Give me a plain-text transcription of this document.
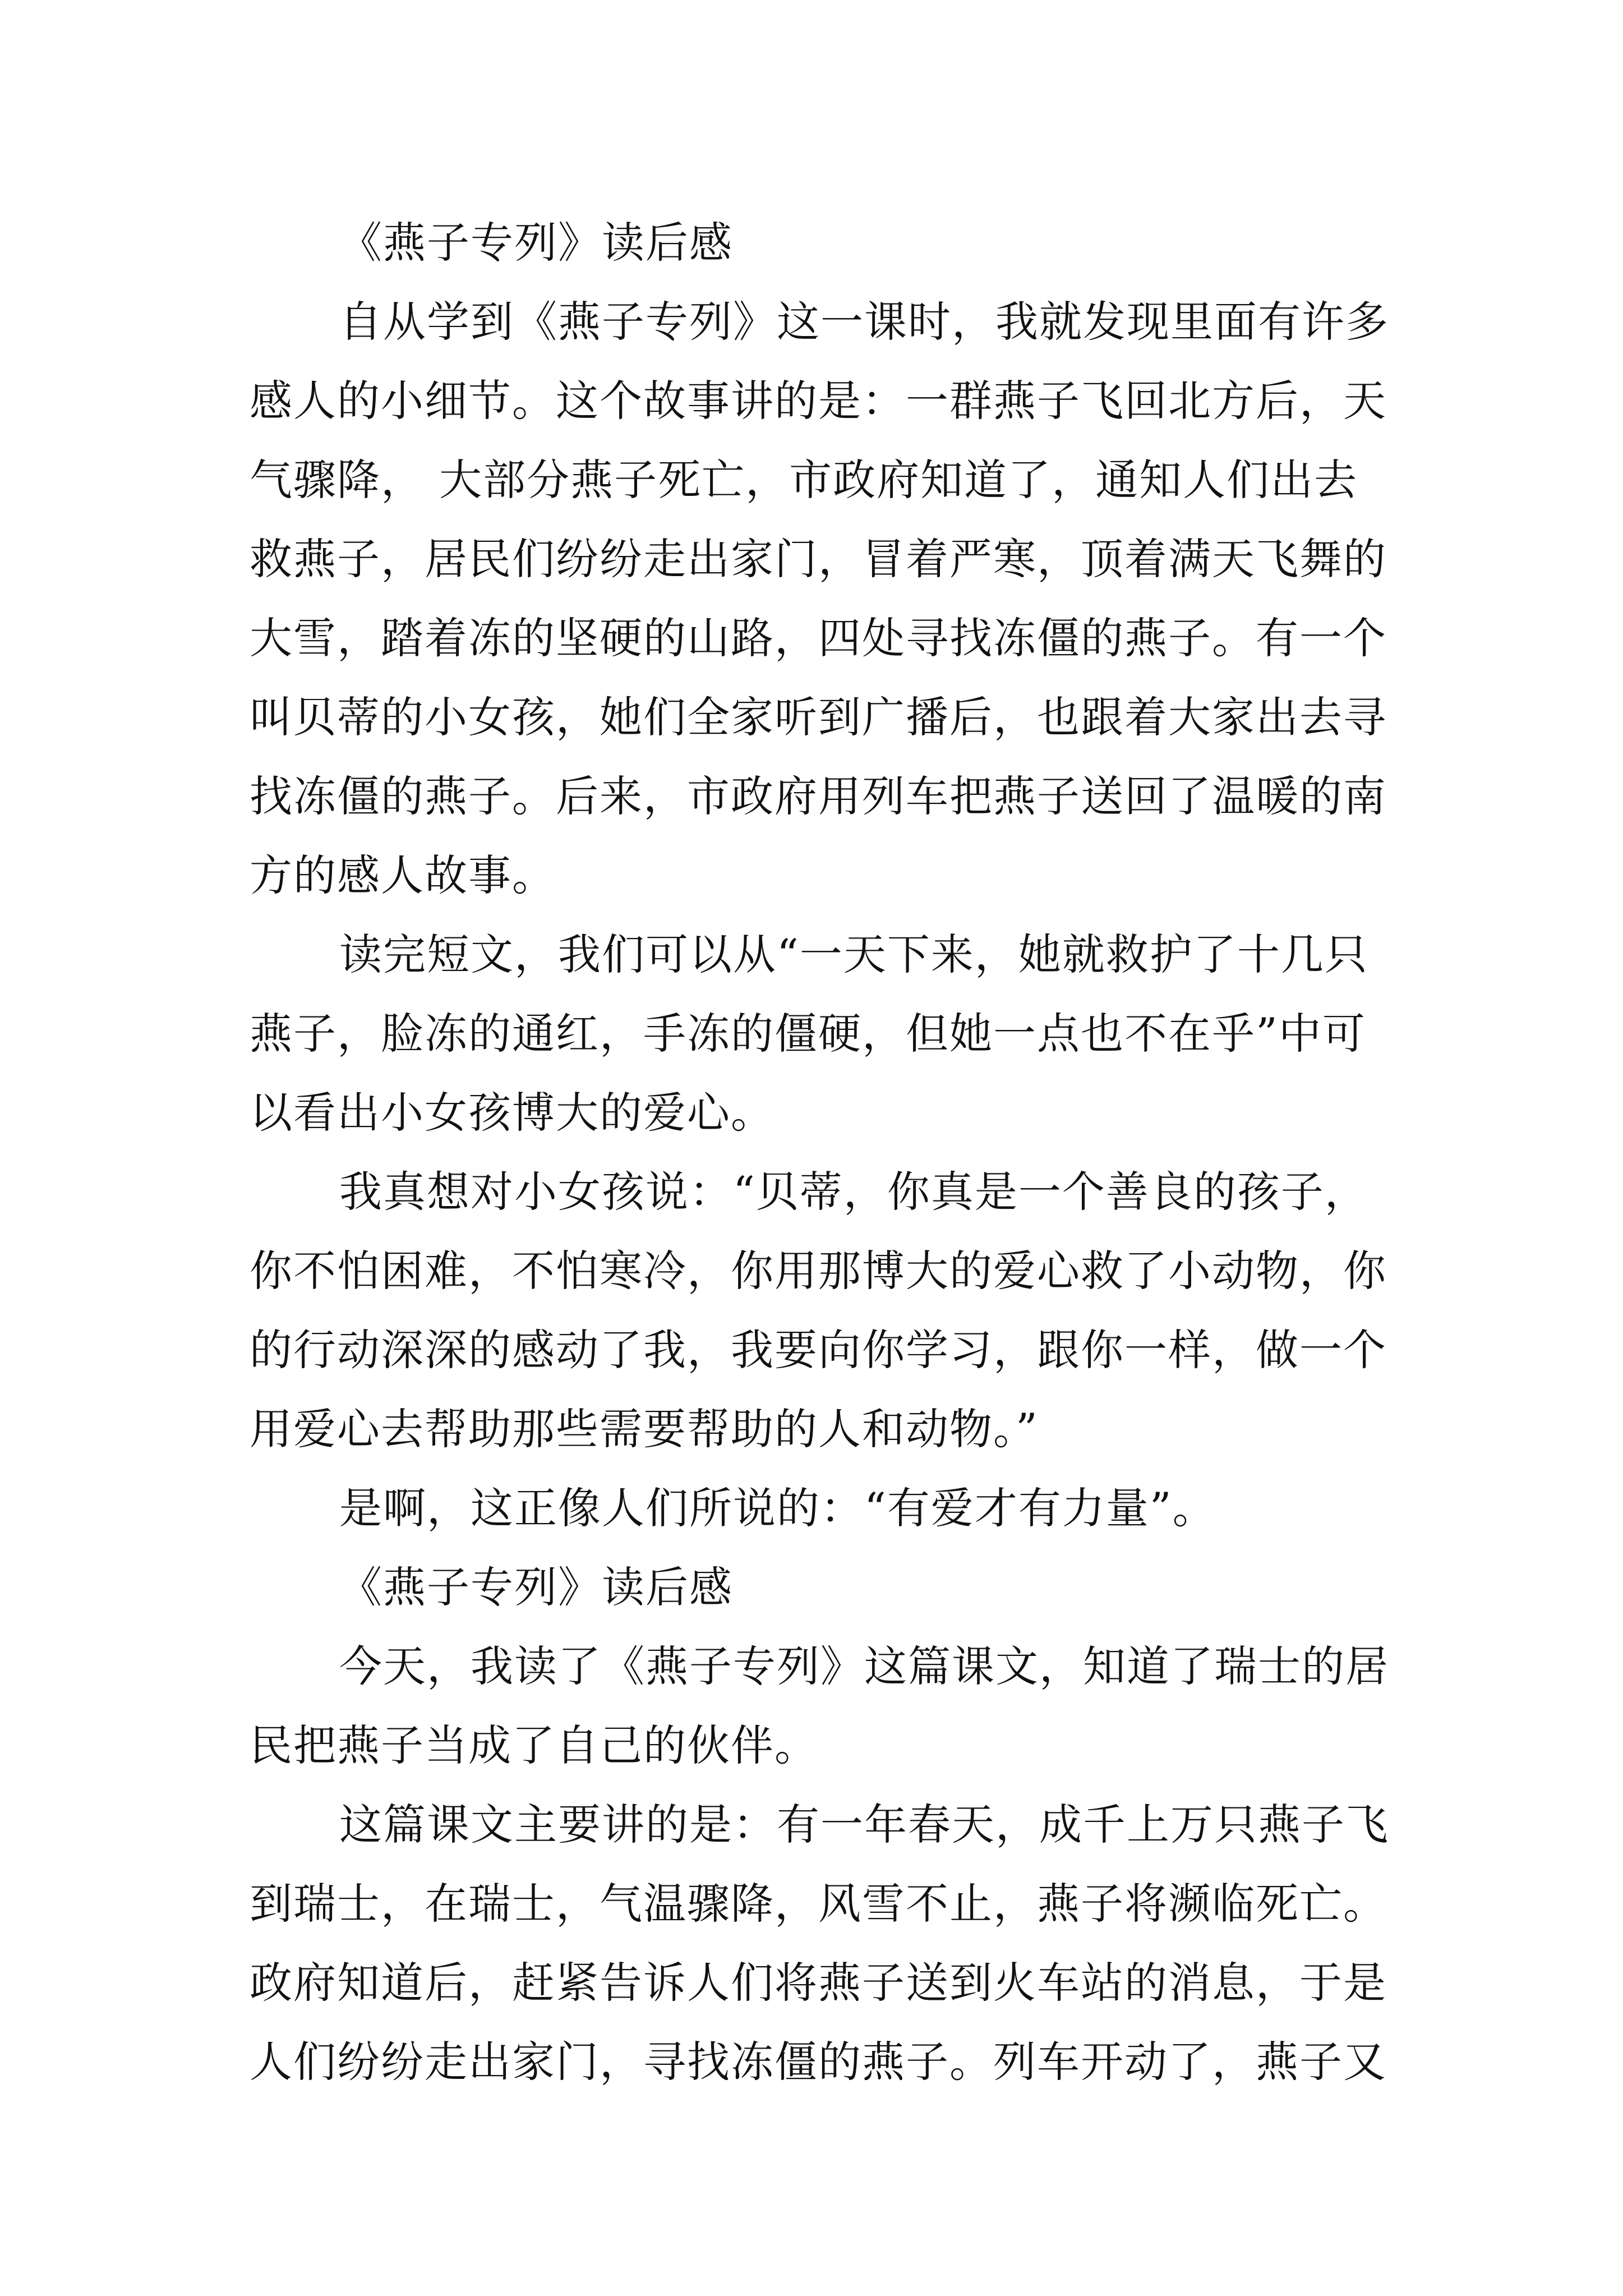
《燕子专列》读后感
自从学到《燕子专列》这一课时，我就发现里面有许多
感人的小细节。这个故事讲的是：一群燕子飞回北方后，天
气骤降， 大部分燕子死亡，市政府知道了，通知人们出去
救燕子，居民们纷纷走出家门，冒着严寒，顶着满天飞舞的
大雪，踏着冻的坚硬的山路，四处寻找冻僵的燕子。有一个
叫贝蒂的小女孩，她们全家听到广播后，也跟着大家出去寻
找冻僵的燕子。后来，市政府用列车把燕子送回了温暖的南
方的感人故事。
读完短文，我们可以从“一天下来，她就救护了十几只
燕子，脸冻的通红，手冻的僵硬，但她一点也不在乎”中可
以看出小女孩博大的爱心。
我真想对小女孩说：“贝蒂，你真是一个善良的孩子，
你不怕困难，不怕寒冷，你用那博大的爱心救了小动物，你
的行动深深的感动了我，我要向你学习，跟你一样，做一个
用爱心去帮助那些需要帮助的人和动物。”
是啊，这正像人们所说的：“有爱才有力量”。
《燕子专列》读后感
今天，我读了《燕子专列》这篇课文，知道了瑞士的居
民把燕子当成了自己的伙伴。
这篇课文主要讲的是：有一年春天，成千上万只燕子飞
到瑞士，在瑞士，气温骤降，风雪不止，燕子将濒临死亡。
政府知道后，赶紧告诉人们将燕子送到火车站的消息，于是
人们纷纷走出家门，寻找冻僵的燕子。列车开动了，燕子又
